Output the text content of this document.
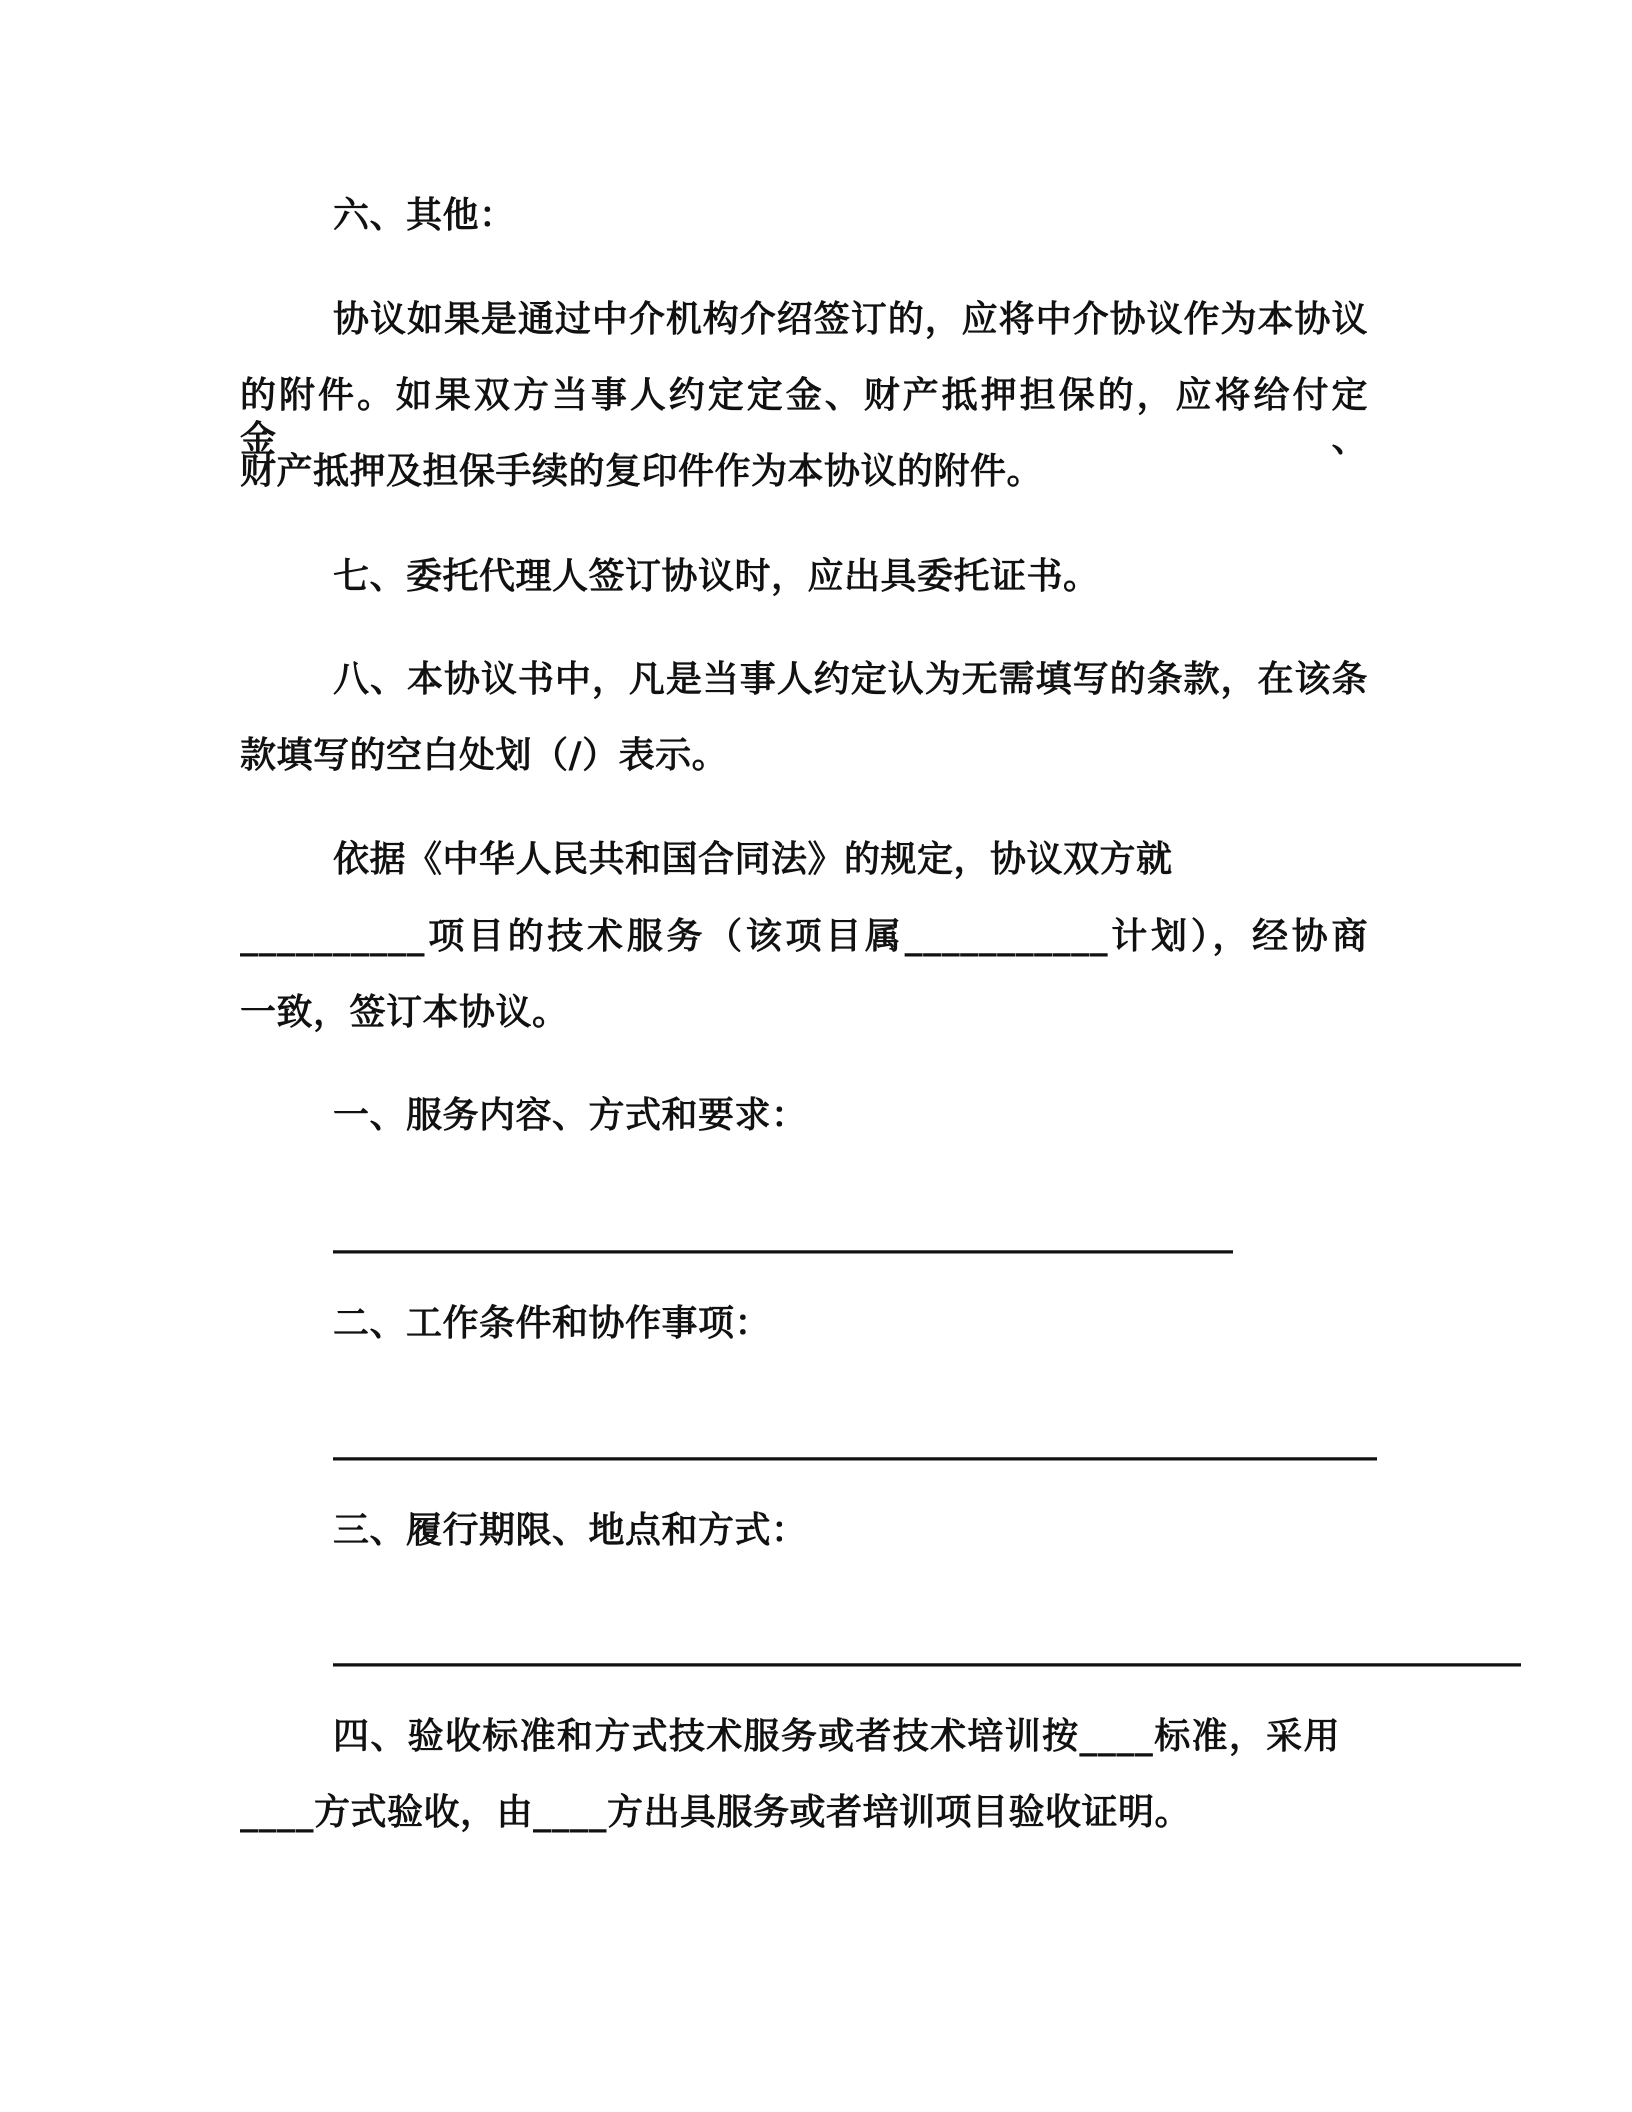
六、其他：
协议如果是通过中介机构介绍签订的，应将中介协议作为本协议
的附件。如果双方当事人约定定金、财产抵押担保的，应将给付定金、
财产抵押及担保手续的复印件作为本协议的附件。
七、委托代理人签订协议时，应出具委托证书。
八、本协议书中，凡是当事人约定认为无需填写的条款，在该条
款填写的空白处划（/）表示。
依据《中华人民共和国合同法》的规定，协议双方就
__________项目的技术服务（该项目属___________计划），经协商
一致，签订本协议。
一、服务内容、方式和要求：
__________________________________________________
二、工作条件和协作事项：
__________________________________________________________
三、履行期限、地点和方式：
__________________________________________________________________
四、验收标准和方式技术服务或者技术培训按____标准，采用
____方式验收，由____方出具服务或者培训项目验收证明。
